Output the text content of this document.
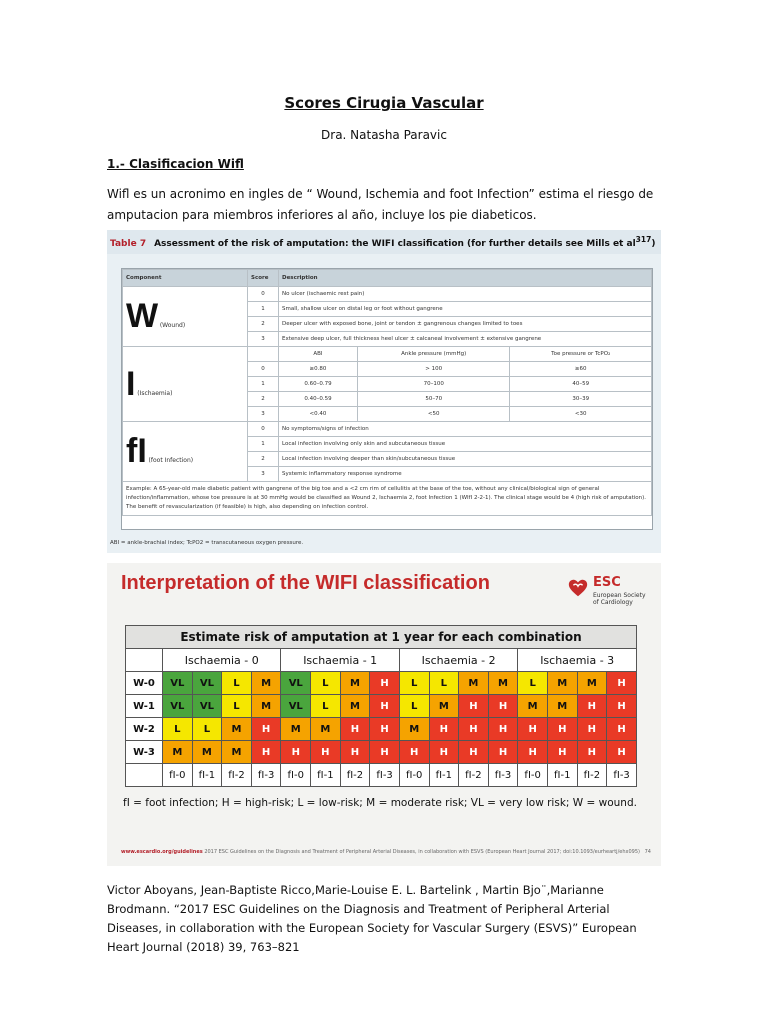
Scores Cirugia Vascular
Dra. Natasha Paravic
1.- Clasificacion Wifl
Wifl es un acronimo en ingles de “ Wound, Ischemia and foot Infection” estima el riesgo de amputacion para miembros inferiores al año, incluye los pie diabeticos.
Table 7 Assessment of the risk of amputation: the WIFI classification (for further details see Mills et $al^{317}$)
Component	Score	Description		
W (Wound)	0	No ulcer (ischaemic rest pain)		
	1	Small, shallow ulcer on distal leg or foot without gangrene		
	2	Deeper ulcer with exposed bone, joint or tendon ± gangrenous changes limited to toes		
	3	Extensive deep ulcer, full thickness heel ulcer ± calcaneal involvement ± extensive gangrene		
I (Ischaemia)		ABI	Ankle pressure (mmHg)	Toe pressure or TcPO₂
	0	≥0.80	> 100	≥60
	1	0.60–0.79	70–100	40–59
	2	0.40–0.59	50–70	30–39
	3	<0.40	<50	<30
fI (foot Infection)	0	No symptoms/signs of infection		
	1	Local infection involving only skin and subcutaneous tissue		
	2	Local infection involving deeper than skin/subcutaneous tissue		
	3	Systemic inflammatory response syndrome		
Example: A 65-year-old male diabetic patient with gangrene of the big toe and a <2 cm rim of cellulitis at the base of the toe, without any clinical/biological sign of general infection/inflammation, whose toe pressure is at 30 mmHg would be classified as Wound 2, Ischaemia 2, foot Infection 1 (WIfI 2-2-1). The clinical stage would be 4 (high risk of amputation). The benefit of revascularization (if feasible) is high, also depending on infection control.				
ABI = ankle-brachial index; TcPO2 = transcutaneous oxygen pressure.
Interpretation of the WIFI classification	ESC
European Society
of Cardiology
Estimate risk of amputation at 1 year for each combination																
	Ischaemia - 0				Ischaemia - 1				Ischaemia - 2				Ischaemia - 3			
W-0	VL	VL	L	M	VL	L	M	H	L	L	M	M	L	M	M	H
W-1	VL	VL	L	M	VL	L	M	H	L	M	H	H	M	M	H	H
W-2	L	L	M	H	M	M	H	H	M	H	H	H	H	H	H	H
W-3	M	M	M	H	H	H	H	H	H	H	H	H	H	H	H	H
	fI-0	fI-1	fI-2	fI-3	fI-0	fI-1	fI-2	fI-3	fI-0	fI-1	fI-2	fI-3	fI-0	fI-1	fI-2	fI-3
fI = foot infection; H = high-risk; L = low-risk; M = moderate risk; VL = very low risk; W = wound.
www.escardio.org/guidelines 2017 ESC Guidelines on the Diagnosis and Treatment of Peripheral Arterial Diseases, in collaboration with ESVS (European Heart Journal 2017; doi:10.1093/eurheartj/ehx095) 74
Victor Aboyans, Jean-Baptiste Ricco,Marie-Louise E. L. Bartelink , Martin Bjo¨,Marianne Brodmann. “2017 ESC Guidelines on the Diagnosis and Treatment of Peripheral Arterial Diseases, in collaboration with the European Society for Vascular Surgery (ESVS)” European Heart Journal (2018) 39, 763–821
